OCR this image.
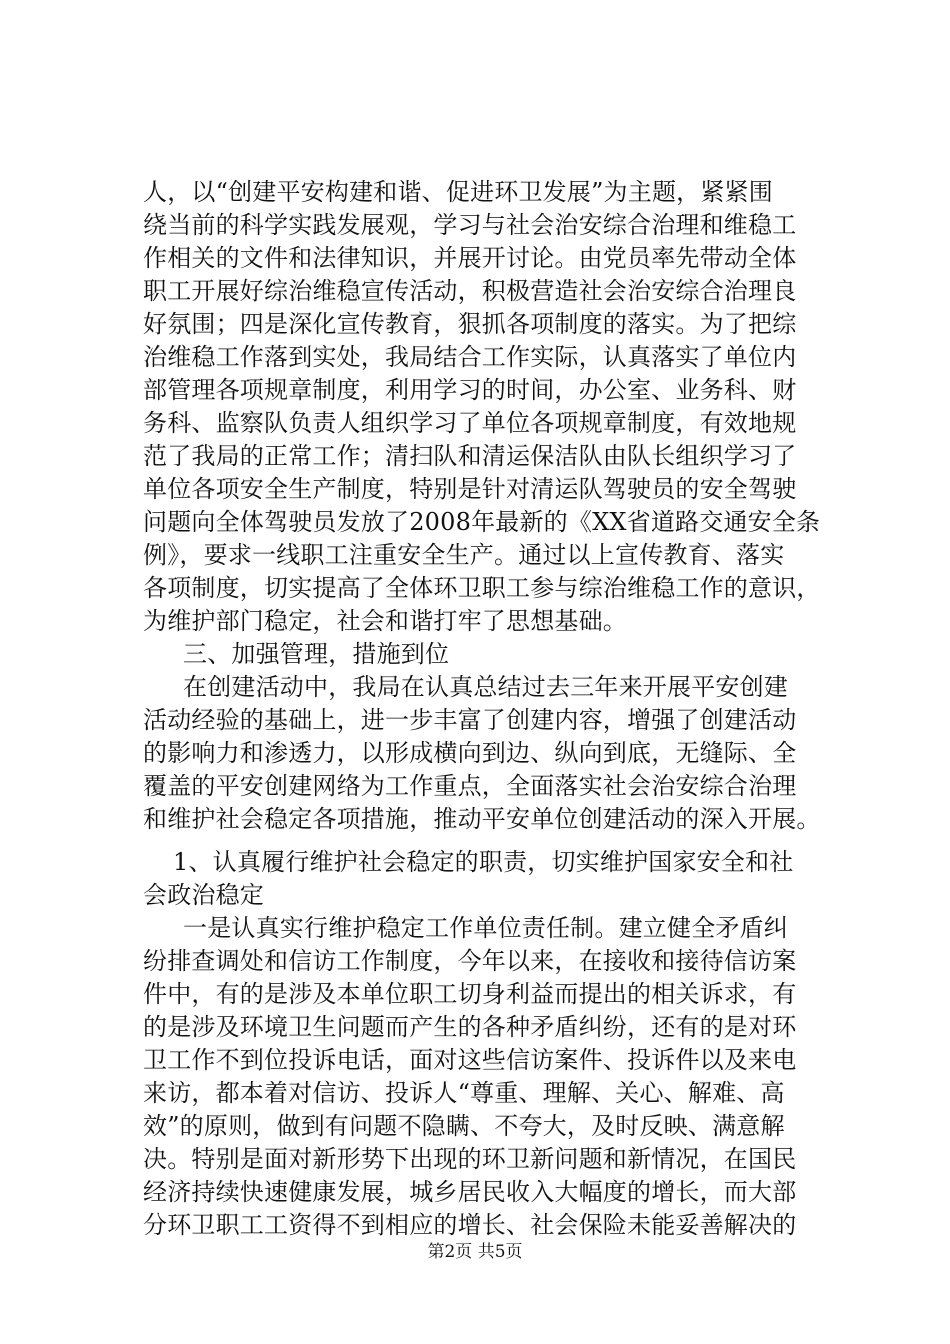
人，以“创建平安构建和谐、促进环卫发展”为主题，紧紧围
绕当前的科学实践发展观，学习与社会治安综合治理和维稳工
作相关的文件和法律知识，并展开讨论。由党员率先带动全体
职工开展好综治维稳宣传活动，积极营造社会治安综合治理良
好氛围；四是深化宣传教育，狠抓各项制度的落实。为了把综
治维稳工作落到实处，我局结合工作实际，认真落实了单位内
部管理各项规章制度，利用学习的时间，办公室、业务科、财
务科、监察队负责人组织学习了单位各项规章制度，有效地规
范了我局的正常工作；清扫队和清运保洁队由队长组织学习了
单位各项安全生产制度，特别是针对清运队驾驶员的安全驾驶
问题向全体驾驶员发放了2008年最新的《XX省道路交通安全条
例》，要求一线职工注重安全生产。通过以上宣传教育、落实
各项制度，切实提高了全体环卫职工参与综治维稳工作的意识，
为维护部门稳定，社会和谐打牢了思想基础。
三、加强管理，措施到位
在创建活动中，我局在认真总结过去三年来开展平安创建
活动经验的基础上，进一步丰富了创建内容，增强了创建活动
的影响力和渗透力，以形成横向到边、纵向到底，无缝际、全
覆盖的平安创建网络为工作重点，全面落实社会治安综合治理
和维护社会稳定各项措施，推动平安单位创建活动的深入开展。
1、认真履行维护社会稳定的职责，切实维护国家安全和社
会政治稳定
一是认真实行维护稳定工作单位责任制。建立健全矛盾纠
纷排查调处和信访工作制度，今年以来，在接收和接待信访案
件中，有的是涉及本单位职工切身利益而提出的相关诉求，有
的是涉及环境卫生问题而产生的各种矛盾纠纷，还有的是对环
卫工作不到位投诉电话，面对这些信访案件、投诉件以及来电
来访，都本着对信访、投诉人“尊重、理解、关心、解难、高
效”的原则，做到有问题不隐瞒、不夸大，及时反映、满意解
决。特别是面对新形势下出现的环卫新问题和新情况，在国民
经济持续快速健康发展，城乡居民收入大幅度的增长，而大部
分环卫职工工资得不到相应的增长、社会保险未能妥善解决的
第2页 共5页
